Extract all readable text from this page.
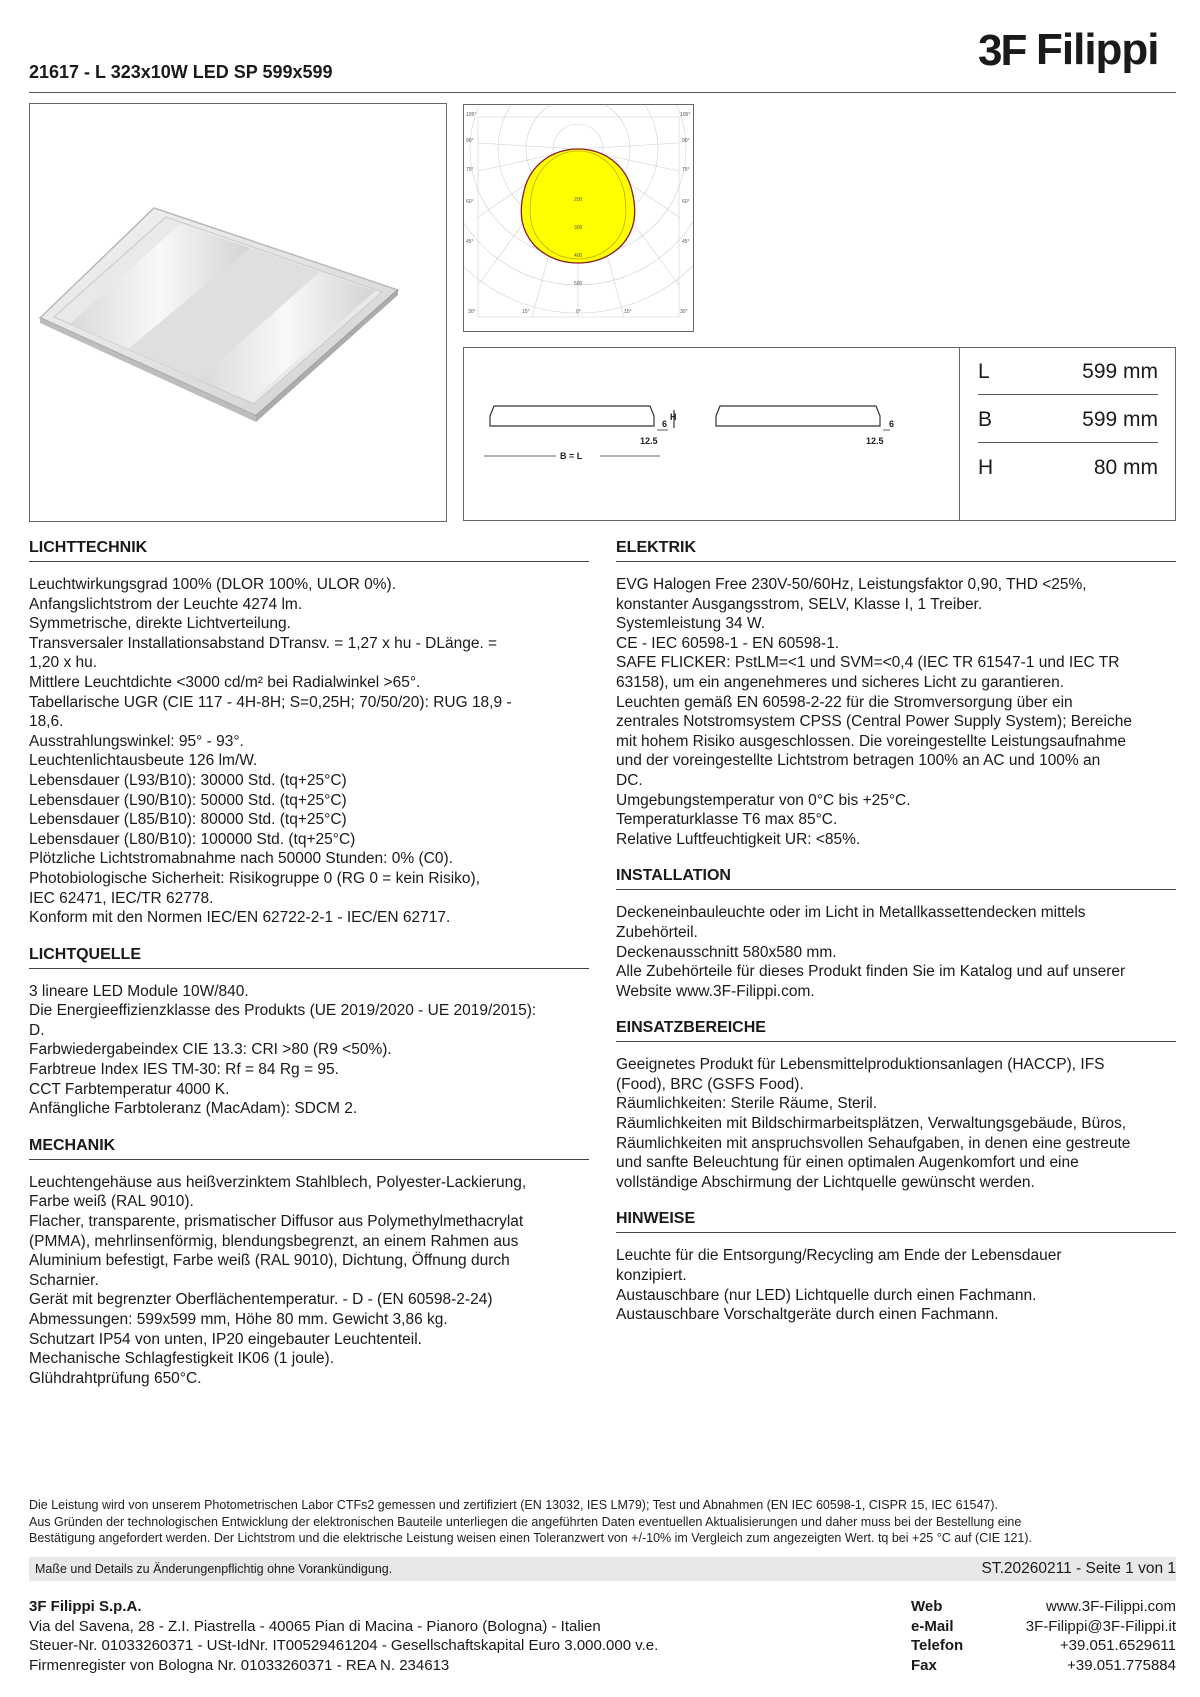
3F Filippi
21617 - L 323x10W LED SP 599x599
105°
90°
75°
60°
45°
105°
90°
75°
60°
45°
30°	15°	0°	15°	30°
200
300
400
500
H
6	6
12.5	12.5
B = L
L	599 mm
B	599 mm
H	80 mm
LICHTTECHNIK

Leuchtwirkungsgrad 100% (DLOR 100%, ULOR 0%).

Anfangslichtstrom der Leuchte 4274 lm.

Symmetrische, direkte Lichtverteilung.

Transversaler Installationsabstand DTransv. = 1,27 x hu - DLänge. =

1,20 x hu.

Mittlere Leuchtdichte <3000 cd/m² bei Radialwinkel >65°.

Tabellarische UGR (CIE 117 - 4H-8H; S=0,25H; 70/50/20): RUG 18,9 -

18,6.

Ausstrahlungswinkel: 95° - 93°.

Leuchtenlichtausbeute 126 lm/W.

Lebensdauer (L93/B10): 30000 Std. (tq+25°C)

Lebensdauer (L90/B10): 50000 Std. (tq+25°C)

Lebensdauer (L85/B10): 80000 Std. (tq+25°C)

Lebensdauer (L80/B10): 100000 Std. (tq+25°C)

Plötzliche Lichtstromabnahme nach 50000 Stunden: 0% (C0).

Photobiologische Sicherheit: Risikogruppe 0 (RG 0 = kein Risiko),

IEC 62471, IEC/TR 62778.

Konform mit den Normen IEC/EN 62722-2-1 - IEC/EN 62717.

LICHTQUELLE

3 lineare LED Module 10W/840.

Die Energieeffizienzklasse des Produkts (UE 2019/2020 - UE 2019/2015):

D.

Farbwiedergabeindex CIE 13.3: CRI >80 (R9 <50%).

Farbtreue Index IES TM-30: Rf = 84 Rg = 95.

CCT Farbtemperatur 4000 K.

Anfängliche Farbtoleranz (MacAdam): SDCM 2.

MECHANIK

Leuchtengehäuse aus heißverzinktem Stahlblech, Polyester-Lackierung,

Farbe weiß (RAL 9010).

Flacher, transparente, prismatischer Diffusor aus Polymethylmethacrylat

(PMMA), mehrlinsenförmig, blendungsbegrenzt, an einem Rahmen aus

Aluminium befestigt, Farbe weiß (RAL 9010), Dichtung, Öffnung durch

Scharnier.

Gerät mit begrenzter Oberflächentemperatur. - D - (EN 60598-2-24)

Abmessungen: 599x599 mm, Höhe 80 mm. Gewicht 3,86 kg.

Schutzart IP54 von unten, IP20 eingebauter Leuchtenteil.

Mechanische Schlagfestigkeit IK06 (1 joule).

Glühdrahtprüfung 650°C.

ELEKTRIK

EVG Halogen Free 230V-50/60Hz, Leistungsfaktor 0,90, THD <25%,

konstanter Ausgangsstrom, SELV, Klasse I, 1 Treiber.

Systemleistung 34 W.

CE - IEC 60598-1 - EN 60598-1.

SAFE FLICKER: PstLM=<1 und SVM=<0,4 (IEC TR 61547-1 und IEC TR

63158), um ein angenehmeres und sicheres Licht zu garantieren.

Leuchten gemäß EN 60598-2-22 für die Stromversorgung über ein

zentrales Notstromsystem CPSS (Central Power Supply System); Bereiche

mit hohem Risiko ausgeschlossen. Die voreingestellte Leistungsaufnahme

und der voreingestellte Lichtstrom betragen 100% an AC und 100% an

DC.

Umgebungstemperatur von 0°C bis +25°C.

Temperaturklasse T6 max 85°C.

Relative Luftfeuchtigkeit UR: <85%.

INSTALLATION

Deckeneinbauleuchte oder im Licht in Metallkassettendecken mittels

Zubehörteil.

Deckenausschnitt 580x580 mm.

Alle Zubehörteile für dieses Produkt finden Sie im Katalog und auf unserer

Website www.3F-Filippi.com.

EINSATZBEREICHE

Geeignetes Produkt für Lebensmittelproduktionsanlagen (HACCP), IFS

(Food), BRC (GSFS Food).

Räumlichkeiten: Sterile Räume, Steril.

Räumlichkeiten mit Bildschirmarbeitsplätzen, Verwaltungsgebäude, Büros,

Räumlichkeiten mit anspruchsvollen Sehaufgaben, in denen eine gestreute

und sanfte Beleuchtung für einen optimalen Augenkomfort und eine

vollständige Abschirmung der Lichtquelle gewünscht werden.

HINWEISE

Leuchte für die Entsorgung/Recycling am Ende der Lebensdauer

konzipiert.

Austauschbare (nur LED) Lichtquelle durch einen Fachmann.

Austauschbare Vorschaltgeräte durch einen Fachmann.

Die Leistung wird von unserem Photometrischen Labor CTFs2 gemessen und zertifiziert (EN 13032, IES LM79); Test und Abnahmen (EN IEC 60598-1, CISPR 15, IEC 61547).

Aus Gründen der technologischen Entwicklung der elektronischen Bauteile unterliegen die angeführten Daten eventuellen Aktualisierungen und daher muss bei der Bestellung eine

Bestätigung angefordert werden. Der Lichtstrom und die elektrische Leistung weisen einen Toleranzwert von +/-10% im Vergleich zum angezeigten Wert. tq bei +25 °C auf (CIE 121).

Maße und Details zu Änderungenpflichtig ohne Vorankündigung.	ST.20260211 - Seite 1 von 1
3F Filippi S.p.A.
Via del Savena, 28 - Z.I. Piastrella - 40065 Pian di Macina - Pianoro (Bologna) - Italien
Steuer-Nr. 01033260371 - USt-IdNr. IT00529461204 - Gesellschaftskapital Euro 3.000.000 v.e.
Firmenregister von Bologna Nr. 01033260371 - REA N. 234613
Web	www.3F-Filippi.com
e-Mail	3F-Filippi@3F-Filippi.it
Telefon	+39.051.6529611
Fax	+39.051.775884
